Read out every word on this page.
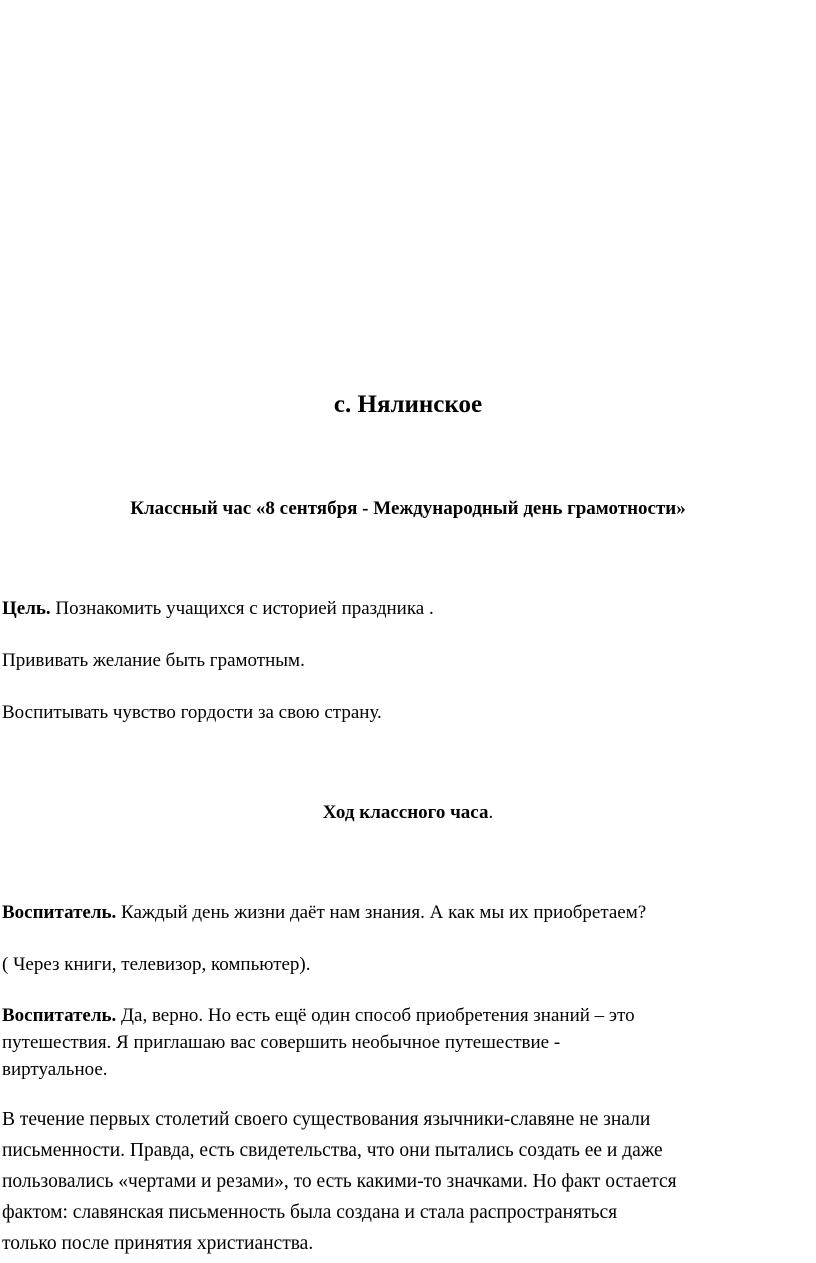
с. Нялинское
Классный час «8 сентября - Международный день грамотности»
Цель. Познакомить учащихся с историей праздника .
Прививать желание быть грамотным.
Воспитывать чувство гордости за свою страну.
Ход классного часа.
Воспитатель. Каждый день жизни даёт нам знания. А как мы их приобретаем?
( Через книги, телевизор, компьютер).
Воспитатель. Да, верно. Но есть ещё один способ приобретения знаний – это
путешествия. Я приглашаю вас совершить необычное путешествие -
виртуальное.
В течение первых столетий своего существования язычники-славяне не знали
письменности. Правда, есть свидетельства, что они пытались создать ее и даже
пользовались «чертами и резами», то есть какими-то значками. Но факт остается
фактом: славянская письменность была создана и стала распространяться
только после принятия христианства.
